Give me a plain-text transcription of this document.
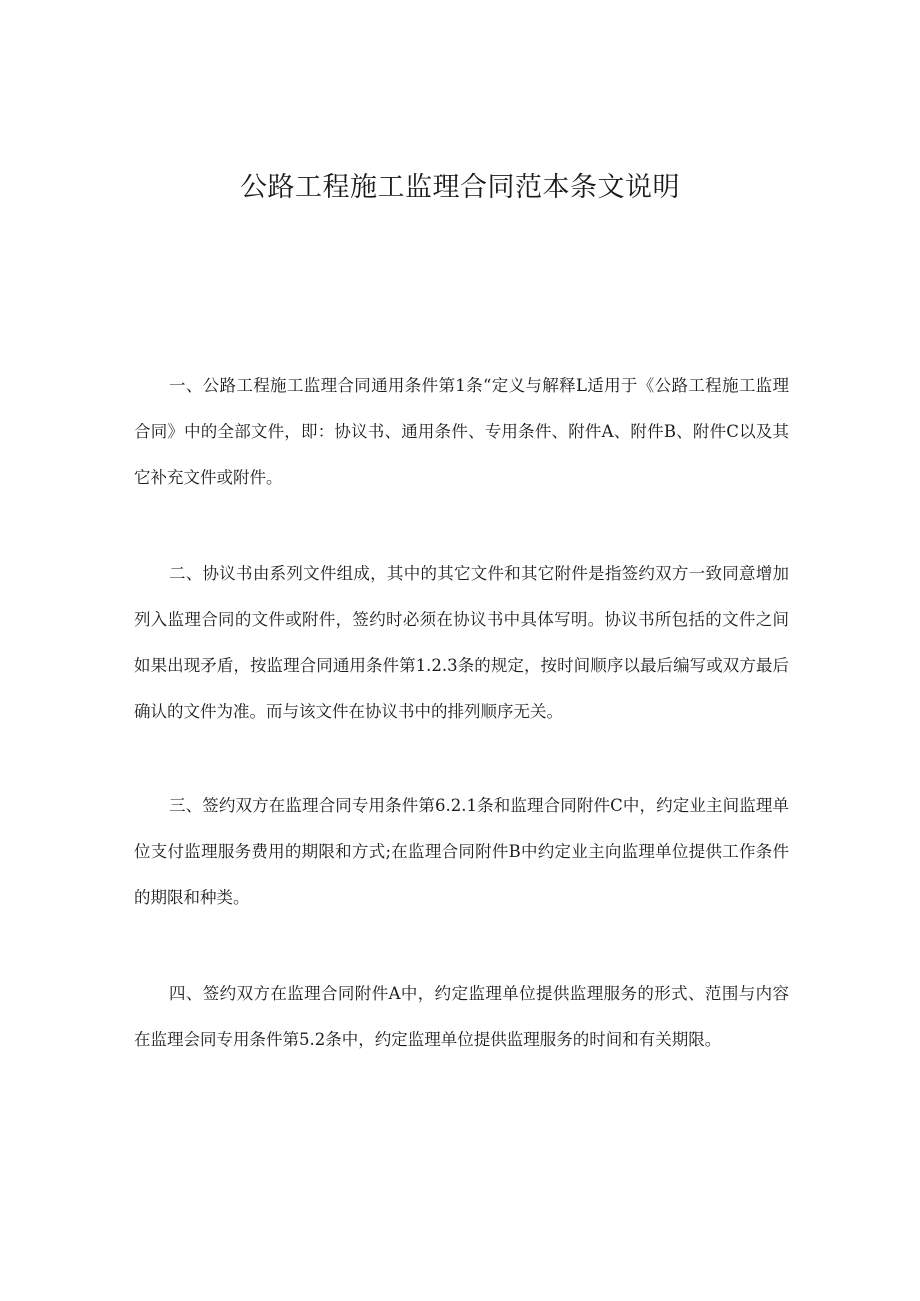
公路工程施工监理合同范本条文说明

一、公路工程施工监理合同通用条件第1条“定义与解释L适用于《公路工程施工监理合同》中的全部文件，即：协议书、通用条件、专用条件、附件A、附件B、附件C以及其它补充文件或附件。

二、协议书由系列文件组成，其中的其它文件和其它附件是指签约双方一致同意增加列入监理合同的文件或附件，签约时必须在协议书中具体写明。协议书所包括的文件之间如果出现矛盾，按监理合同通用条件第1.2.3条的规定，按时间顺序以最后编写或双方最后确认的文件为准。而与该文件在协议书中的排列顺序无关。

三、签约双方在监理合同专用条件第6.2.1条和监理合同附件C中，约定业主间监理单位支付监理服务费用的期限和方式;在监理合同附件B中约定业主向监理单位提供工作条件的期限和种类。

四、签约双方在监理合同附件A中，约定监理单位提供监理服务的形式、范围与内容在监理会同专用条件第5.2条中，约定监理单位提供监理服务的时间和有关期限。
